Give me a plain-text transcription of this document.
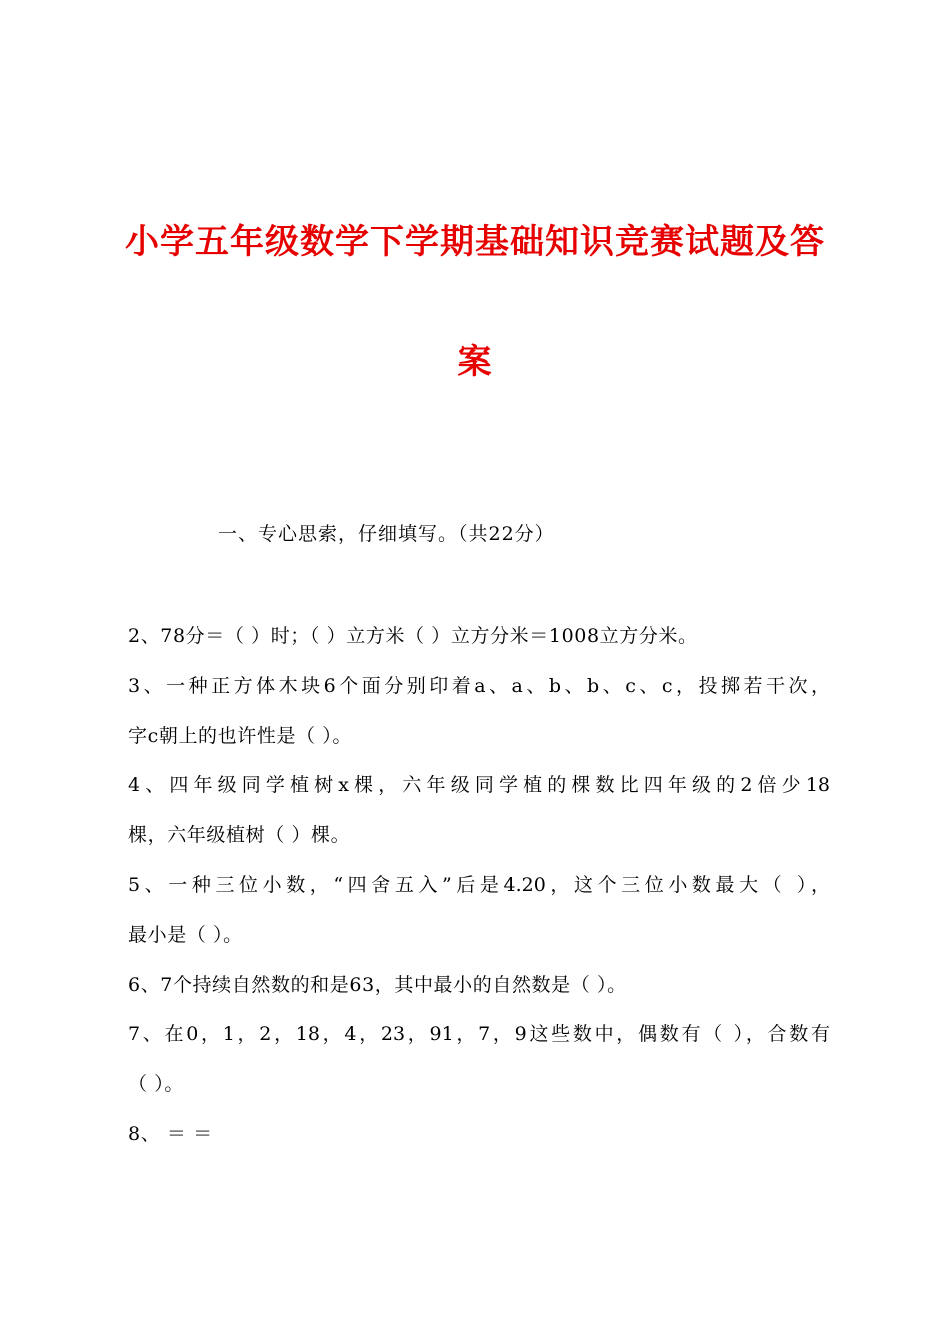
小学五年级数学下学期基础知识竞赛试题及答
案
一、专心思索，仔细填写。（共22分）
2、78分＝（ ）时；（ ）立方米（ ）立方分米＝1008立方分米。
3、一种正方体木块6个面分别印着a、a、b、b、c、c，投掷若干次，
字c朝上的也许性是（ ）。
4、四年级同学植树x棵，六年级同学植的棵数比四年级的2倍少18
棵，六年级植树（ ）棵。
5、一种三位小数，“四舍五入”后是4.20，这个三位小数最大（ ），
最小是（ ）。
6、7个持续自然数的和是63，其中最小的自然数是（ ）。
7、在0，1，2，18，4，23，91，7，9这些数中，偶数有（ ），合数有
（ ）。
8、 ＝ ＝
